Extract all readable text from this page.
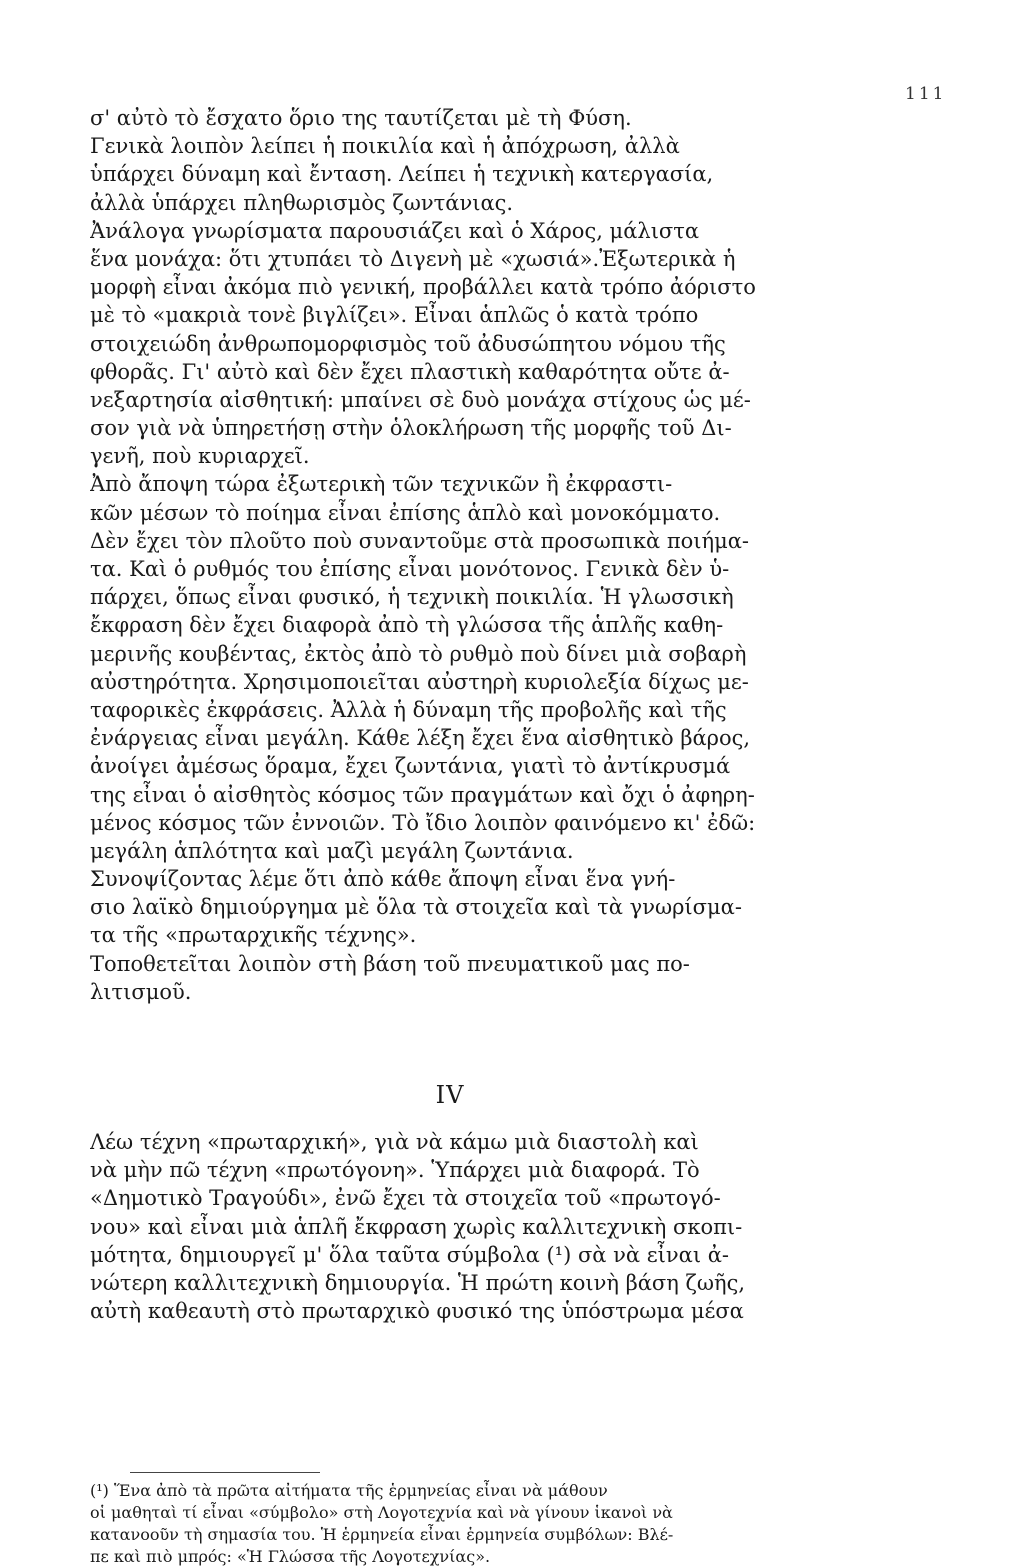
111
σ' αὐτὸ τὸ ἔσχατο ὅριο της ταυτίζεται μὲ τὴ Φύση.
Γενικὰ λοιπὸν λείπει ἡ ποικιλία καὶ ἡ ἀπόχρωση, ἀλλὰ
ὑπάρχει δύναμη καὶ ἔνταση. Λείπει ἡ τεχνικὴ κατεργασία,
ἀλλὰ ὑπάρχει πληθωρισμὸς ζωντάνιας.
Ἀνάλογα γνωρίσματα παρουσιάζει καὶ ὁ Χάρος, μάλιστα
ἕνα μονάχα: ὅτι χτυπάει τὸ Διγενὴ μὲ «χωσιά».Ἐξωτερικὰ ἡ
μορφὴ εἶναι ἀκόμα πιὸ γενική, προβάλλει κατὰ τρόπο ἀόριστο
μὲ τὸ «μακριὰ τονὲ βιγλίζει». Εἶναι ἁπλῶς ὁ κατὰ τρόπο
στοιχειώδη ἀνθρωπομορφισμὸς τοῦ ἀδυσώπητου νόμου τῆς
φθορᾶς. Γι' αὐτὸ καὶ δὲν ἔχει πλαστικὴ καθαρότητα οὔτε ἀ-
νεξαρτησία αἰσθητική: μπαίνει σὲ δυὸ μονάχα στίχους ὡς μέ-
σον γιὰ νὰ ὑπηρετήσῃ στὴν ὁλοκλήρωση τῆς μορφῆς τοῦ Δι-
γενῆ, ποὺ κυριαρχεῖ.
Ἀπὸ ἄποψη τώρα ἐξωτερικὴ τῶν τεχνικῶν ἢ ἐκφραστι-
κῶν μέσων τὸ ποίημα εἶναι ἐπίσης ἁπλὸ καὶ μονοκόμματο.
Δὲν ἔχει τὸν πλοῦτο ποὺ συναντοῦμε στὰ προσωπικὰ ποιήμα-
τα. Καὶ ὁ ρυθμός του ἐπίσης εἶναι μονότονος. Γενικὰ δὲν ὑ-
πάρχει, ὅπως εἶναι φυσικό, ἡ τεχνικὴ ποικιλία. Ἡ γλωσσικὴ
ἔκφραση δὲν ἔχει διαφορὰ ἀπὸ τὴ γλώσσα τῆς ἁπλῆς καθη-
μερινῆς κουβέντας, ἐκτὸς ἀπὸ τὸ ρυθμὸ ποὺ δίνει μιὰ σοβαρὴ
αὐστηρότητα. Χρησιμοποιεῖται αὐστηρὴ κυριολεξία δίχως με-
ταφορικὲς ἐκφράσεις. Ἀλλὰ ἡ δύναμη τῆς προβολῆς καὶ τῆς
ἐνάργειας εἶναι μεγάλη. Κάθε λέξη ἔχει ἕνα αἰσθητικὸ βάρος,
ἀνοίγει ἀμέσως ὅραμα, ἔχει ζωντάνια, γιατὶ τὸ ἀντίκρυσμά
της εἶναι ὁ αἰσθητὸς κόσμος τῶν πραγμάτων καὶ ὄχι ὁ ἀφηρη-
μένος κόσμος τῶν ἐννοιῶν. Τὸ ἴδιο λοιπὸν φαινόμενο κι' ἐδῶ:
μεγάλη ἁπλότητα καὶ μαζὶ μεγάλη ζωντάνια.
Συνοψίζοντας λέμε ὅτι ἀπὸ κάθε ἄποψη εἶναι ἕνα γνή-
σιο λαϊκὸ δημιούργημα μὲ ὅλα τὰ στοιχεῖα καὶ τὰ γνωρίσμα-
τα τῆς «πρωταρχικῆς τέχνης».
Τοποθετεῖται λοιπὸν στὴ βάση τοῦ πνευματικοῦ μας πο-
λιτισμοῦ.
IV
Λέω τέχνη «πρωταρχική», γιὰ νὰ κάμω μιὰ διαστολὴ καὶ
νὰ μὴν πῶ τέχνη «πρωτόγονη». Ὑπάρχει μιὰ διαφορά. Τὸ
«Δημοτικὸ Τραγούδι», ἐνῶ ἔχει τὰ στοιχεῖα τοῦ «πρωτογό-
νου» καὶ εἶναι μιὰ ἁπλῆ ἔκφραση χωρὶς καλλιτεχνικὴ σκοπι-
μότητα, δημιουργεῖ μ' ὅλα ταῦτα σύμβολα (¹) σὰ νὰ εἶναι ἀ-
νώτερη καλλιτεχνικὴ δημιουργία. Ἡ πρώτη κοινὴ βάση ζωῆς,
αὐτὴ καθεαυτὴ στὸ πρωταρχικὸ φυσικό της ὑπόστρωμα μέσα
(¹) Ἕνα ἀπὸ τὰ πρῶτα αἰτήματα τῆς ἑρμηνείας εἶναι νὰ μάθουν
οἱ μαθηταὶ τί εἶναι «σύμβολο» στὴ Λογοτεχνία καὶ νὰ γίνουν ἱκανοὶ νὰ
κατανοοῦν τὴ σημασία του. Ἡ ἑρμηνεία εἶναι ἑρμηνεία συμβόλων: Βλέ-
πε καὶ πιὸ μπρός: «Ἡ Γλώσσα τῆς Λογοτεχνίας».
